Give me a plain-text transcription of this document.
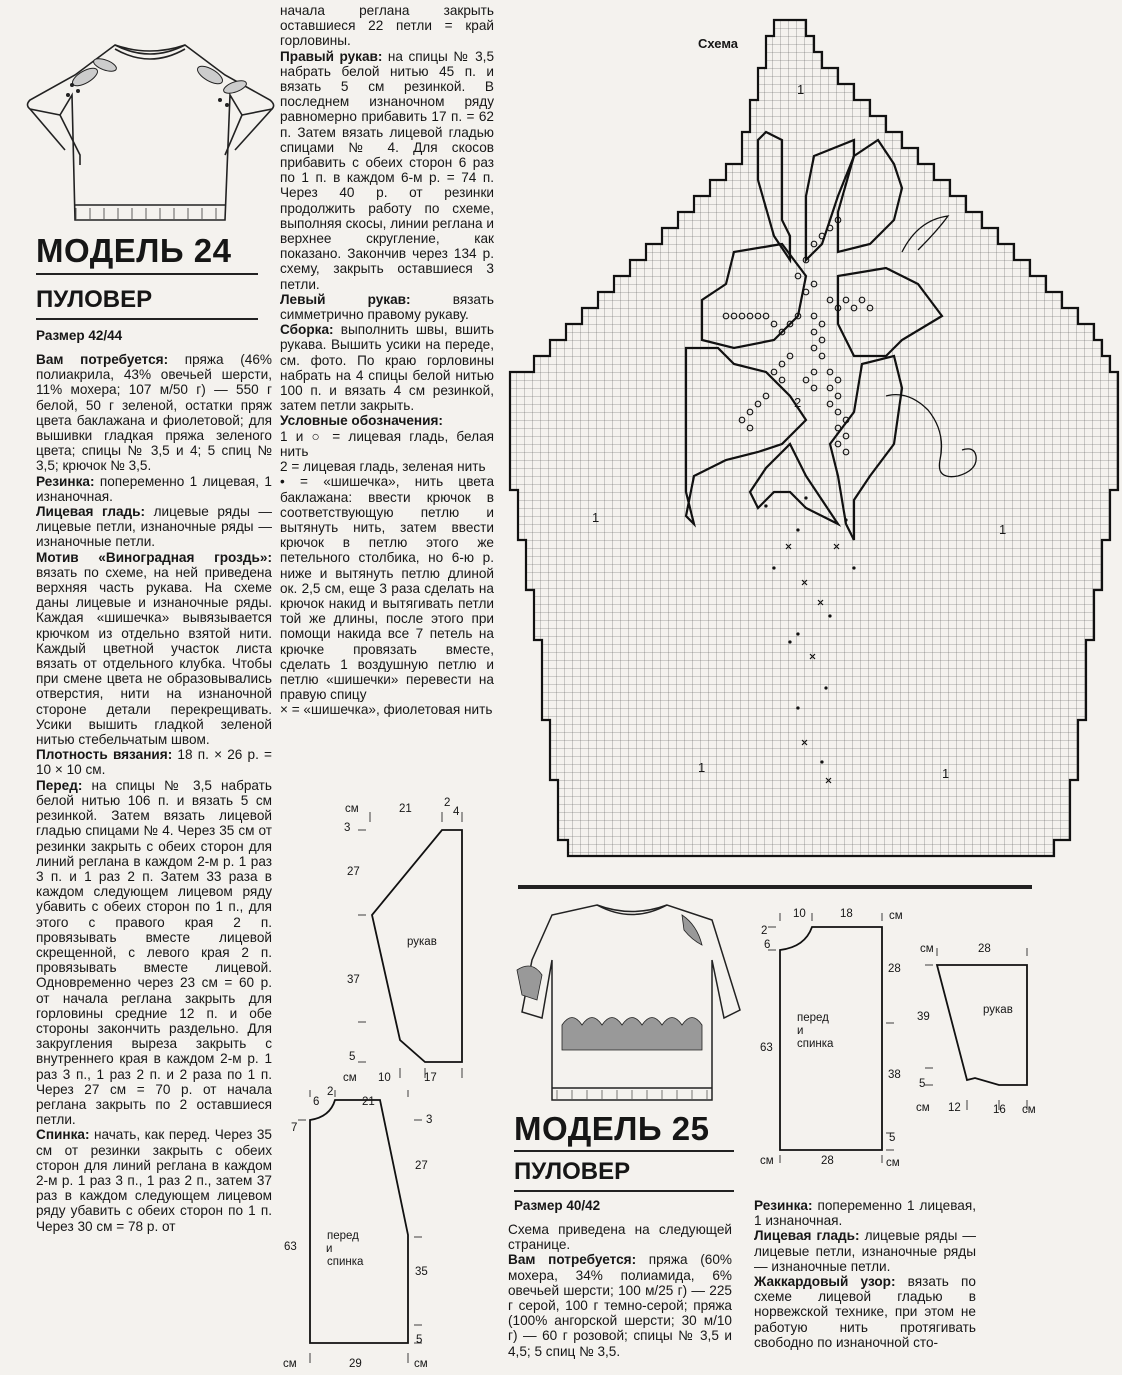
МОДЕЛЬ 24
ПУЛОВЕР
Размер 42/44

Вам потребуется: пряжа (46% полиакрила, 43% овечьей шерсти, 11% мохера; 107 м/50 г) — 550 г белой, 50 г зеленой, остатки пряж цвета баклажана и фиолетовой; для вышивки гладкая пряжа зеленого цвета; спицы № 3,5 и 4; 5 спиц № 3,5; крючок № 3,5.

Резинка: попеременно 1 лицевая, 1 изнаночная.

Лицевая гладь: лицевые ряды — лицевые петли, изнаночные ряды — изнаночные петли.

Мотив «Виноградная гроздь»: вязать по схеме, на ней приведена верхняя часть рукава. На схеме даны лицевые и изнаночные ряды. Каждая «шишечка» вывязывается крючком из отдельно взятой нити. Каждый цветной участок листа вязать от отдельного клубка. Чтобы при смене цвета не образовывались отверстия, нити на изнаночной стороне детали перекрещивать. Усики вышить гладкой зеленой нитью стебельчатым швом.

Плотность вязания: 18 п. × 26 р. = 10 × 10 см.

Перед: на спицы № 3,5 набрать белой нитью 106 п. и вязать 5 см резинкой. Затем вязать лицевой гладью спицами № 4. Через 35 см от резинки закрыть с обеих сторон для линий реглана в каждом 2-м р. 1 раз 3 п. и 1 раз 2 п. Затем 33 раза в каждом следующем лицевом ряду убавить с обеих сторон по 1 п., для этого с правого края 2 п. провязывать вместе лицевой скрещенной, с левого края 2 п. провязывать вместе лицевой. Одновременно через 23 см = 60 р. от начала реглана закрыть для горловины средние 12 п. и обе стороны закончить раздельно. Для закругления выреза закрыть с внутреннего края в каждом 2-м р. 1 раз 3 п., 1 раз 2 п. и 2 раза по 1 п. Через 27 см = 70 р. от начала реглана закрыть по 2 оставшиеся петли.

Спинка: начать, как перед. Через 35 см от резинки закрыть с обеих сторон для линий реглана в каждом 2-м р. 1 раз 3 п., 1 раз 2 п., затем 37 раз в каждом следующем лицевом ряду убавить с обеих сторон по 1 п. Через 30 см = 78 р. от

начала реглана закрыть оставшиеся 22 петли = край горловины.

Правый рукав: на спицы № 3,5 набрать белой нитью 45 п. и вязать 5 см резинкой. В последнем изнаночном ряду равномерно прибавить 17 п. = 62 п. Затем вязать лицевой гладью спицами № 4. Для скосов прибавить с обеих сторон 6 раз по 1 п. в каждом 6-м р. = 74 п. Через 40 р. от резинки продолжить работу по схеме, выполняя скосы, линии реглана и верхнее скругление, как показано. Закончив через 134 р. схему, закрыть оставшиеся 3 петли.

Левый рукав: вязать симметрично правому рукаву.

Сборка: выполнить швы, вшить рукава. Вышить усики на переде, см. фото. По краю горловины набрать на 4 спицы белой нитью 100 п. и вязать 4 см резинкой, затем петли закрыть.

Условные обозначения:

1 и ○ = лицевая гладь, белая нить

2 = лицевая гладь, зеленая нить

• = «шишечка», нить цвета баклажана: ввести крючок в соответствующую петлю и вытянуть нить, затем ввести крючок в петлю этого же петельного столбика, но 6-ю р. ниже и вытянуть петлю длиной ок. 2,5 см, еще 3 раза сделать на крючок накид и вытягивать петли той же длины, после этого при помощи накида все 7 петель на крючке провязать вместе, сделать 1 воздушную петлю и петлю «шишечки» перевести на правую спицу

× = «шишечка», фиолетовая нить

Схема
1
2
1
1
1	1
см	21	2
4
3
27
рукав
37
5
см 10	17
6
2
21
7
3
27
перед
и
спинка
63
35
5
см	29	см
МОДЕЛЬ 25
ПУЛОВЕР
Размер 40/42

Схема приведена на следующей странице.

Вам потребуется: пряжа (60% мохера, 34% полиамида, 6% овечьей шерсти; 100 м/25 г) — 225 г серой, 100 г темно-серой; пряжа (100% ангорской шерсти; 30 м/10 г) — 60 г розовой; спицы № 3,5 и 4,5; 5 спиц № 3,5.

Резинка: попеременно 1 лицевая, 1 изнаночная.

Лицевая гладь: лицевые ряды — лицевые петли, изнаночные ряды — изнаночные петли.

Жаккардовый узор: вязать по схеме лицевой гладью в норвежской технике, при этом не работую нить протягивать свободно по изнаночной сто-

10	18	см
2
6
28
перед
и
спинка
63
38
5
см	28	см
см	28
39
рукав
5
см 12	16 см
